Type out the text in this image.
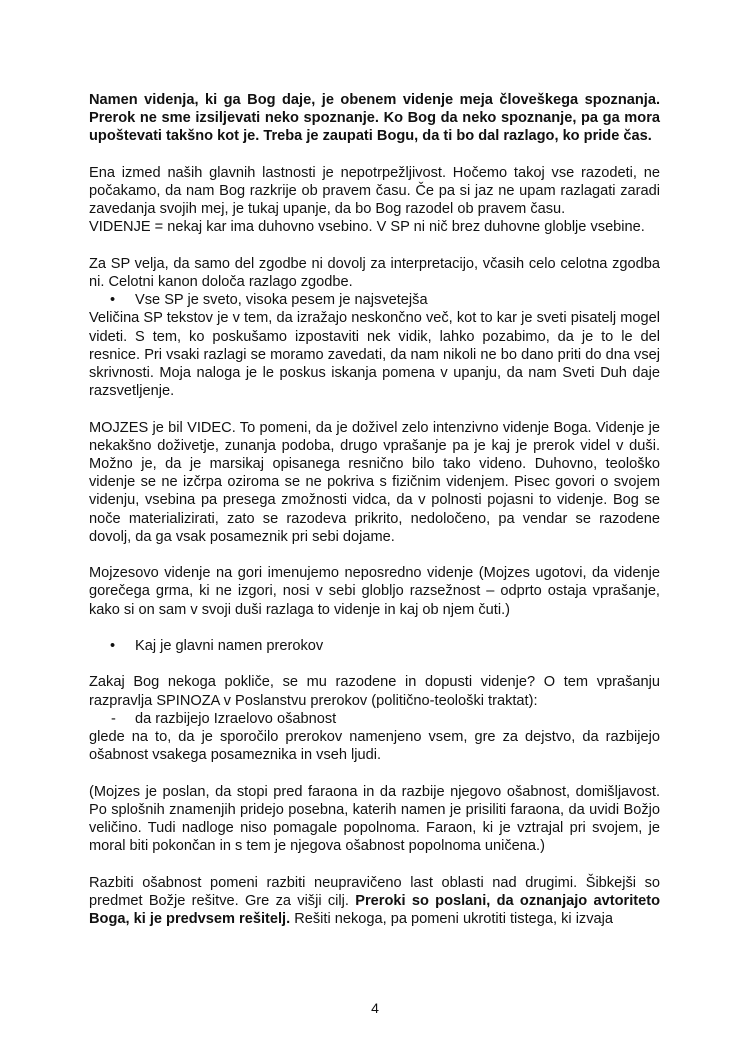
Namen videnja, ki ga Bog daje, je obenem videnje meja človeškega spoznanja. Prerok ne sme izsiljevati neko spoznanje. Ko Bog da neko spoznanje, pa ga mora upoštevati takšno kot je. Treba je zaupati Bogu, da ti bo dal razlago, ko pride čas.

Ena izmed naših glavnih lastnosti je nepotrpežljivost. Hočemo takoj vse razodeti, ne počakamo, da nam Bog razkrije ob pravem času. Če pa si jaz ne upam razlagati zaradi zavedanja svojih mej, je tukaj upanje, da bo Bog razodel ob pravem času.

VIDENJE = nekaj kar ima duhovno vsebino. V SP ni nič brez duhovne globlje vsebine.

Za SP velja, da samo del zgodbe ni dovolj za interpretacijo, včasih celo celotna zgodba ni. Celotni kanon določa razlago zgodbe.

• Vse SP je sveto, visoka pesem je najsvetejša

Veličina SP tekstov je v tem, da izražajo neskončno več, kot to kar je sveti pisatelj mogel videti. S tem, ko poskušamo izpostaviti nek vidik, lahko pozabimo, da je to le del resnice. Pri vsaki razlagi se moramo zavedati, da nam nikoli ne bo dano priti do dna vsej skrivnosti. Moja naloga je le poskus iskanja pomena v upanju, da nam Sveti Duh daje razsvetljenje.

MOJZES je bil VIDEC. To pomeni, da je doživel zelo intenzivno videnje Boga. Videnje je nekakšno doživetje, zunanja podoba, drugo vprašanje pa je kaj je prerok videl v duši. Možno je, da je marsikaj opisanega resnično bilo tako videno. Duhovno, teološko videnje se ne izčrpa oziroma se ne pokriva s fizičnim videnjem. Pisec govori o svojem videnju, vsebina pa presega zmožnosti vidca, da v polnosti pojasni to videnje. Bog se noče materializirati, zato se razodeva prikrito, nedoločeno, pa vendar se razodene dovolj, da ga vsak posameznik pri sebi dojame.

Mojzesovo videnje na gori imenujemo neposredno videnje (Mojzes ugotovi, da videnje gorečega grma, ki ne izgori, nosi v sebi globljo razsežnost – odprto ostaja vprašanje, kako si on sam v svoji duši razlaga to videnje in kaj ob njem čuti.)

• Kaj je glavni namen prerokov

Zakaj Bog nekoga pokliče, se mu razodene in dopusti videnje? O tem vprašanju razpravlja SPINOZA v Poslanstvu prerokov (politično-teološki traktat):

- da razbijejo Izraelovo ošabnost

glede na to, da je sporočilo prerokov namenjeno vsem, gre za dejstvo, da razbijejo ošabnost vsakega posameznika in vseh ljudi.

(Mojzes je poslan, da stopi pred faraona in da razbije njegovo ošabnost, domišljavost. Po splošnih znamenjih pridejo posebna, katerih namen je prisiliti faraona, da uvidi Božjo veličino. Tudi nadloge niso pomagale popolnoma. Faraon, ki je vztrajal pri svojem, je moral biti pokončan in s tem je njegova ošabnost popolnoma uničena.)

Razbiti ošabnost pomeni razbiti neupravičeno last oblasti nad drugimi. Šibkejši so predmet Božje rešitve. Gre za višji cilj. Preroki so poslani, da oznanjajo avtoriteto Boga, ki je predvsem rešitelj. Rešiti nekoga, pa pomeni ukrotiti tistega, ki izvaja

4
